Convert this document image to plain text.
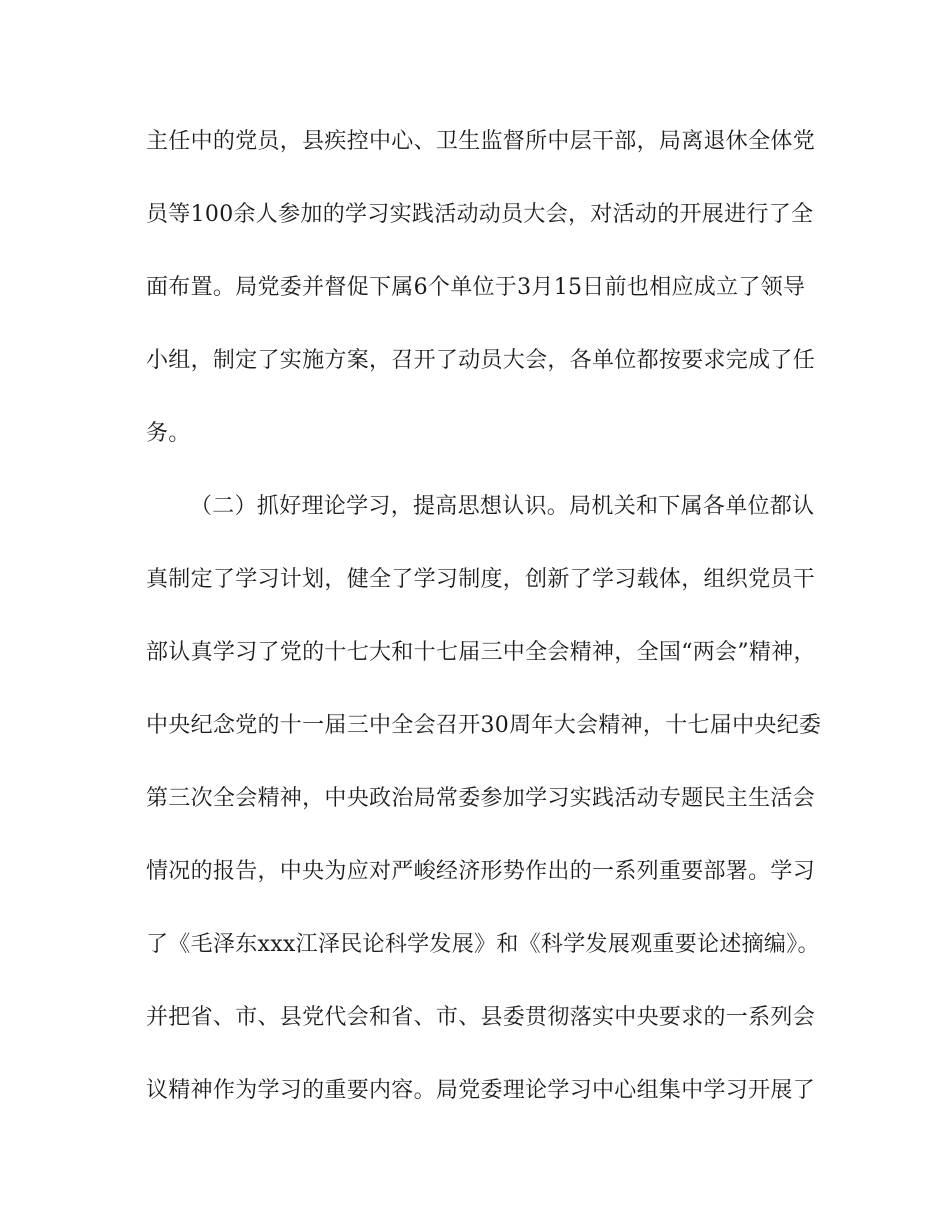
主任中的党员，县疾控中心、卫生监督所中层干部，局离退休全体党
员等100余人参加的学习实践活动动员大会，对活动的开展进行了全
面布置。局党委并督促下属6个单位于3月15日前也相应成立了领导
小组，制定了实施方案，召开了动员大会，各单位都按要求完成了任
务。
（二）抓好理论学习，提高思想认识。局机关和下属各单位都认
真制定了学习计划，健全了学习制度，创新了学习载体，组织党员干
部认真学习了党的十七大和十七届三中全会精神，全国“两会”精神，
中央纪念党的十一届三中全会召开30周年大会精神，十七届中央纪委
第三次全会精神，中央政治局常委参加学习实践活动专题民主生活会
情况的报告，中央为应对严峻经济形势作出的一系列重要部署。学习
了《毛泽东xxx江泽民论科学发展》和《科学发展观重要论述摘编》。
并把省、市、县党代会和省、市、县委贯彻落实中央要求的一系列会
议精神作为学习的重要内容。局党委理论学习中心组集中学习开展了
